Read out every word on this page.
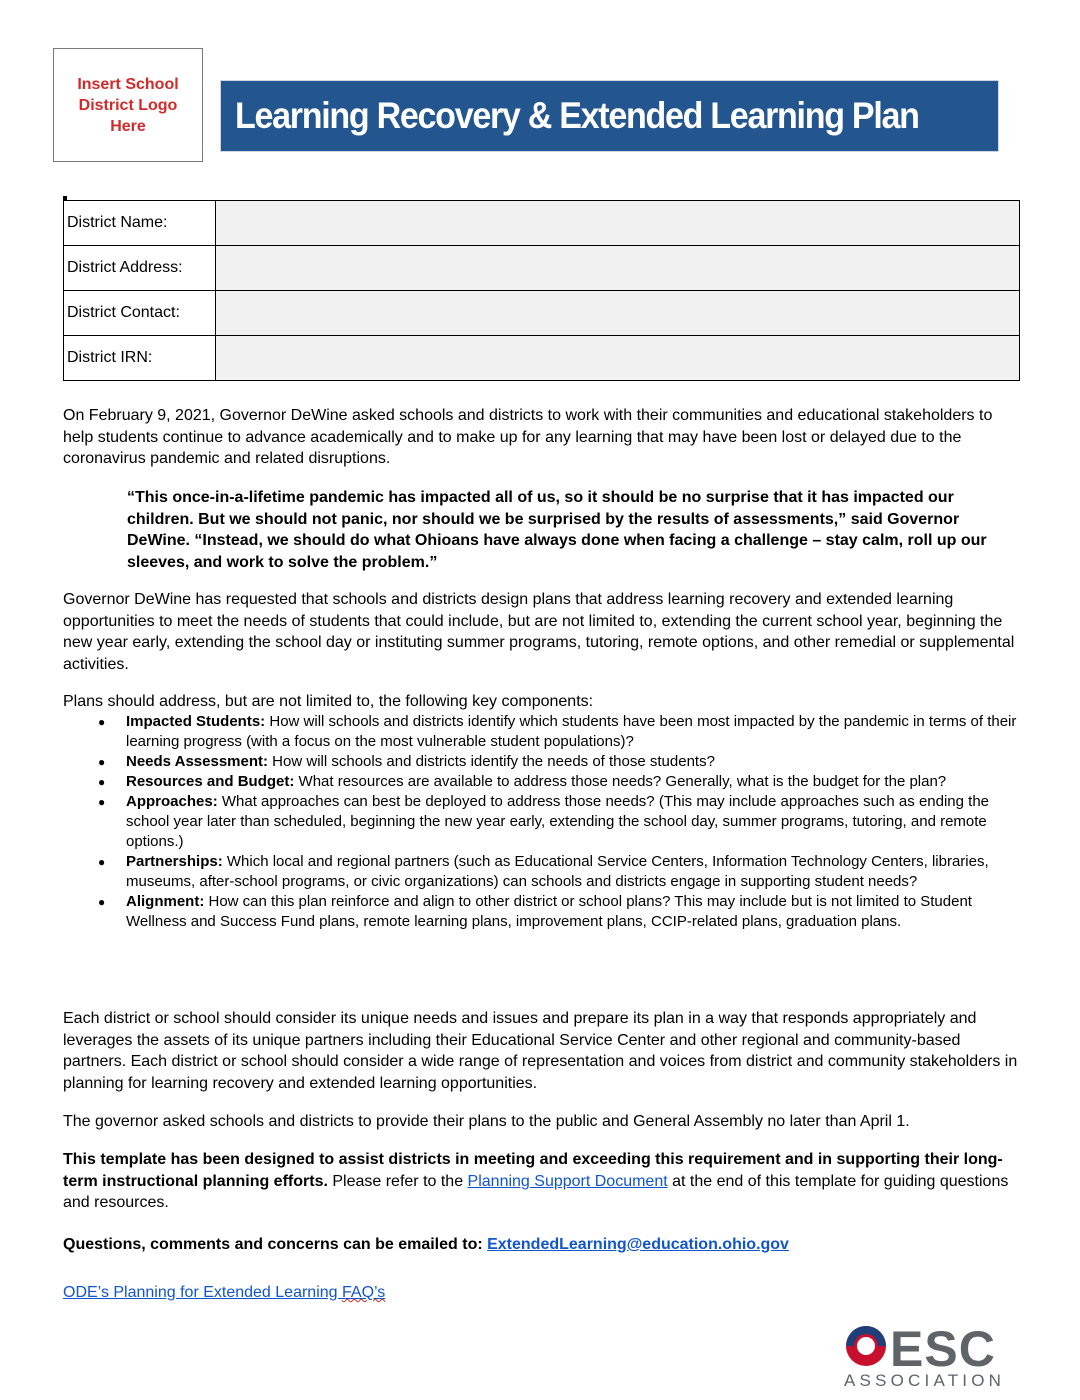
Insert School
District Logo
Here	Learning Recovery & Extended Learning Plan
District Name:	
District Address:	
District Contact:	
District IRN:	
On February 9, 2021, Governor DeWine asked schools and districts to work with their communities and educational stakeholders to help students continue to advance academically and to make up for any learning that may have been lost or delayed due to the coronavirus pandemic and related disruptions.
“This once-in-a-lifetime pandemic has impacted all of us, so it should be no surprise that it has impacted our children. But we should not panic, nor should we be surprised by the results of assessments,” said Governor DeWine. “Instead, we should do what Ohioans have always done when facing a challenge – stay calm, roll up our sleeves, and work to solve the problem.”
Governor DeWine has requested that schools and districts design plans that address learning recovery and extended learning opportunities to meet the needs of students that could include, but are not limited to, extending the current school year, beginning the new year early, extending the school day or instituting summer programs, tutoring, remote options, and other remedial or supplemental activities.
Plans should address, but are not limited to, the following key components:
● Impacted Students: How will schools and districts identify which students have been most impacted by the pandemic in terms of their learning progress (with a focus on the most vulnerable student populations)?
● Needs Assessment: How will schools and districts identify the needs of those students?
● Resources and Budget: What resources are available to address those needs? Generally, what is the budget for the plan?
● Approaches: What approaches can best be deployed to address those needs? (This may include approaches such as ending the school year later than scheduled, beginning the new year early, extending the school day, summer programs, tutoring, and remote options.)
● Partnerships: Which local and regional partners (such as Educational Service Centers, Information Technology Centers, libraries, museums, after-school programs, or civic organizations) can schools and districts engage in supporting student needs?
● Alignment: How can this plan reinforce and align to other district or school plans? This may include but is not limited to Student Wellness and Success Fund plans, remote learning plans, improvement plans, CCIP-related plans, graduation plans.
Each district or school should consider its unique needs and issues and prepare its plan in a way that responds appropriately and leverages the assets of its unique partners including their Educational Service Center and other regional and community-based partners. Each district or school should consider a wide range of representation and voices from district and community stakeholders in planning for learning recovery and extended learning opportunities.
The governor asked schools and districts to provide their plans to the public and General Assembly no later than April 1.
This template has been designed to assist districts in meeting and exceeding this requirement and in supporting their long-term instructional planning efforts. Please refer to the Planning Support Document at the end of this template for guiding questions and resources.
Questions, comments and concerns can be emailed to: ExtendedLearning@education.ohio.gov
ODE’s Planning for Extended Learning FAQ’s
ESC
ASSOCIATION
